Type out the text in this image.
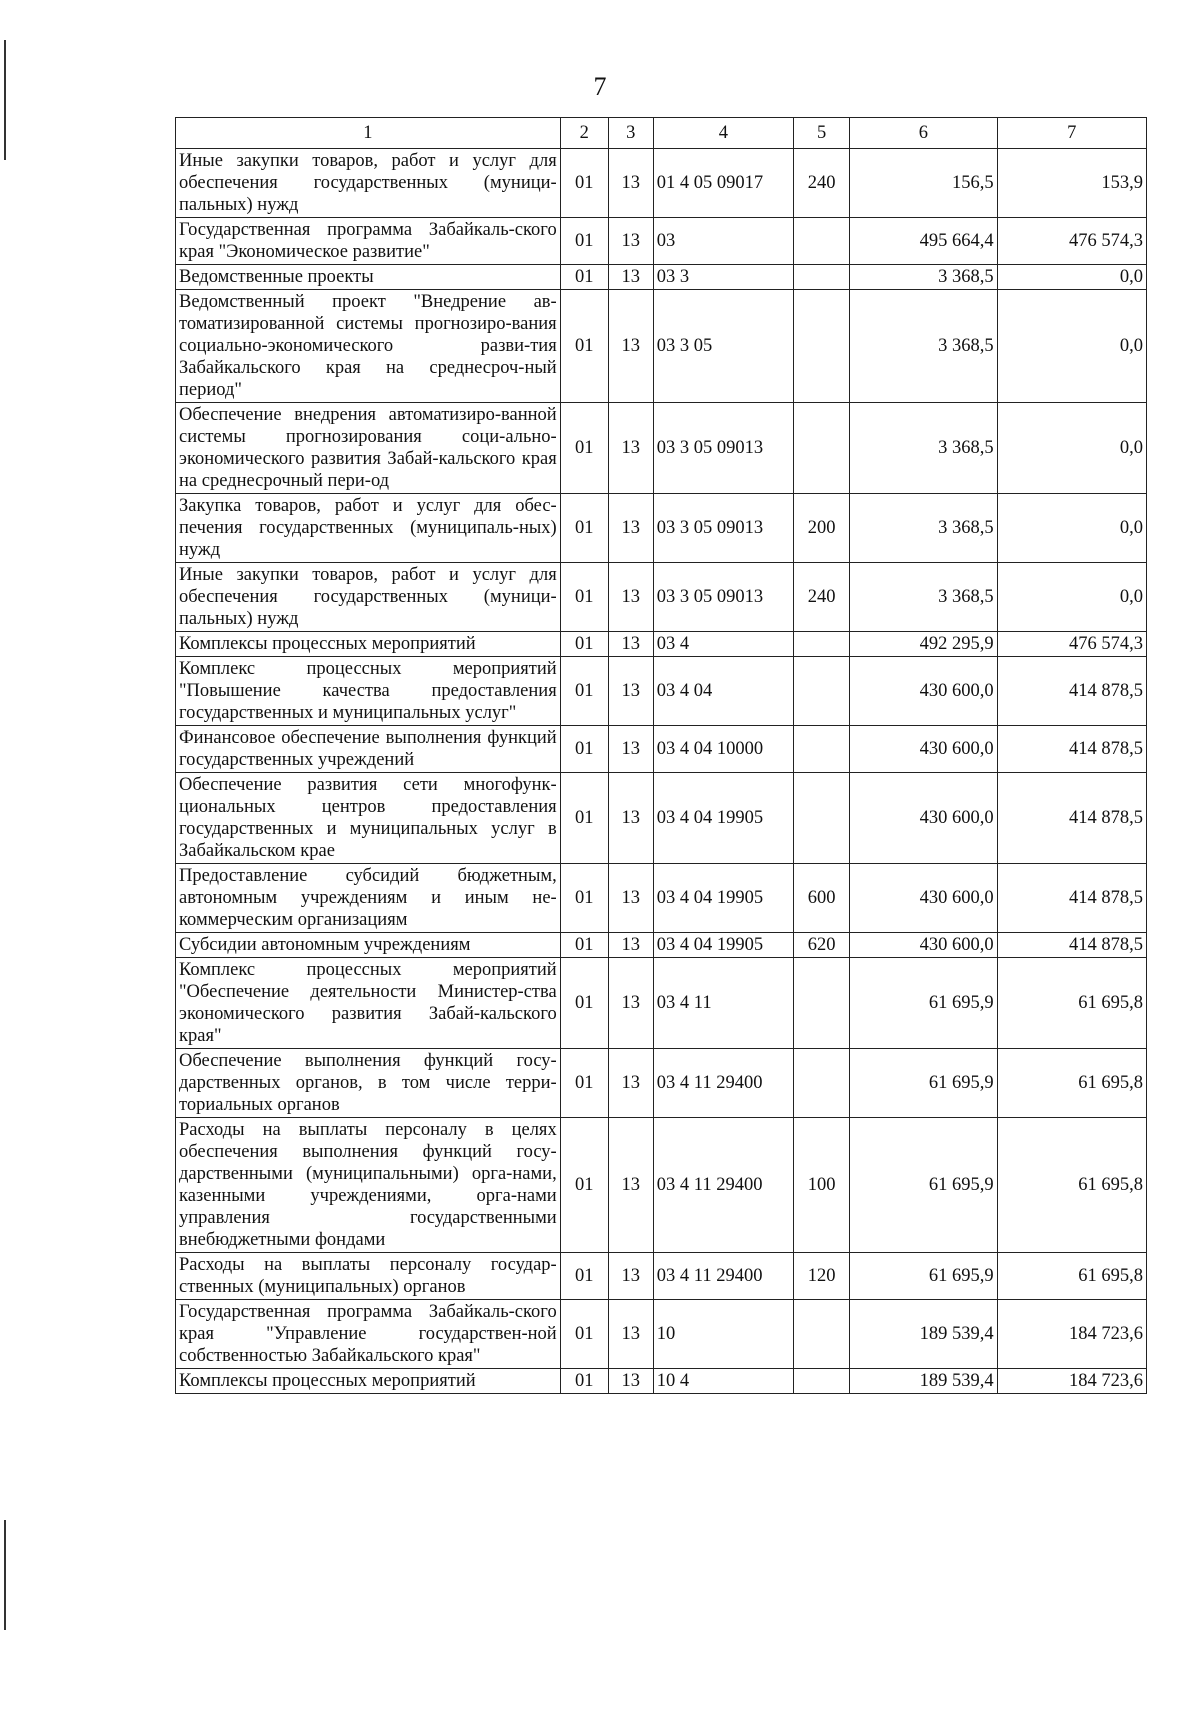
7
1	2	3	4	5	6	7
Иные закупки товаров, работ и услуг для обеспечения государственных (муници-пальных) нужд	01	13	01 4 05 09017	240	156,5	153,9
Государственная программа Забайкаль-ского края "Экономическое развитие"	01	13	03		495 664,4	476 574,3
Ведомственные проекты	01	13	03 3		3 368,5	0,0
Ведомственный проект "Внедрение ав-томатизированной системы прогнозиро-вания социально-экономического разви-тия Забайкальского края на среднесроч-ный период"	01	13	03 3 05		3 368,5	0,0
Обеспечение внедрения автоматизиро-ванной системы прогнозирования соци-ально-экономического развития Забай-кальского края на среднесрочный пери-од	01	13	03 3 05 09013		3 368,5	0,0
Закупка товаров, работ и услуг для обес-печения государственных (муниципаль-ных) нужд	01	13	03 3 05 09013	200	3 368,5	0,0
Иные закупки товаров, работ и услуг для обеспечения государственных (муници-пальных) нужд	01	13	03 3 05 09013	240	3 368,5	0,0
Комплексы процессных мероприятий	01	13	03 4		492 295,9	476 574,3
Комплекс процессных мероприятий "Повышение качества предоставления государственных и муниципальных услуг"	01	13	03 4 04		430 600,0	414 878,5
Финансовое обеспечение выполнения функций государственных учреждений	01	13	03 4 04 10000		430 600,0	414 878,5
Обеспечение развития сети многофунк-циональных центров предоставления государственных и муниципальных услуг в Забайкальском крае	01	13	03 4 04 19905		430 600,0	414 878,5
Предоставление субсидий бюджетным, автономным учреждениям и иным не-коммерческим организациям	01	13	03 4 04 19905	600	430 600,0	414 878,5
Субсидии автономным учреждениям	01	13	03 4 04 19905	620	430 600,0	414 878,5
Комплекс процессных мероприятий "Обеспечение деятельности Министер-ства экономического развития Забай-кальского края"	01	13	03 4 11		61 695,9	61 695,8
Обеспечение выполнения функций госу-дарственных органов, в том числе терри-ториальных органов	01	13	03 4 11 29400		61 695,9	61 695,8
Расходы на выплаты персоналу в целях обеспечения выполнения функций госу-дарственными (муниципальными) орга-нами, казенными учреждениями, орга-нами управления государственными внебюджетными фондами	01	13	03 4 11 29400	100	61 695,9	61 695,8
Расходы на выплаты персоналу государ-ственных (муниципальных) органов	01	13	03 4 11 29400	120	61 695,9	61 695,8
Государственная программа Забайкаль-ского края "Управление государствен-ной собственностью Забайкальского края"	01	13	10		189 539,4	184 723,6
Комплексы процессных мероприятий	01	13	10 4		189 539,4	184 723,6
